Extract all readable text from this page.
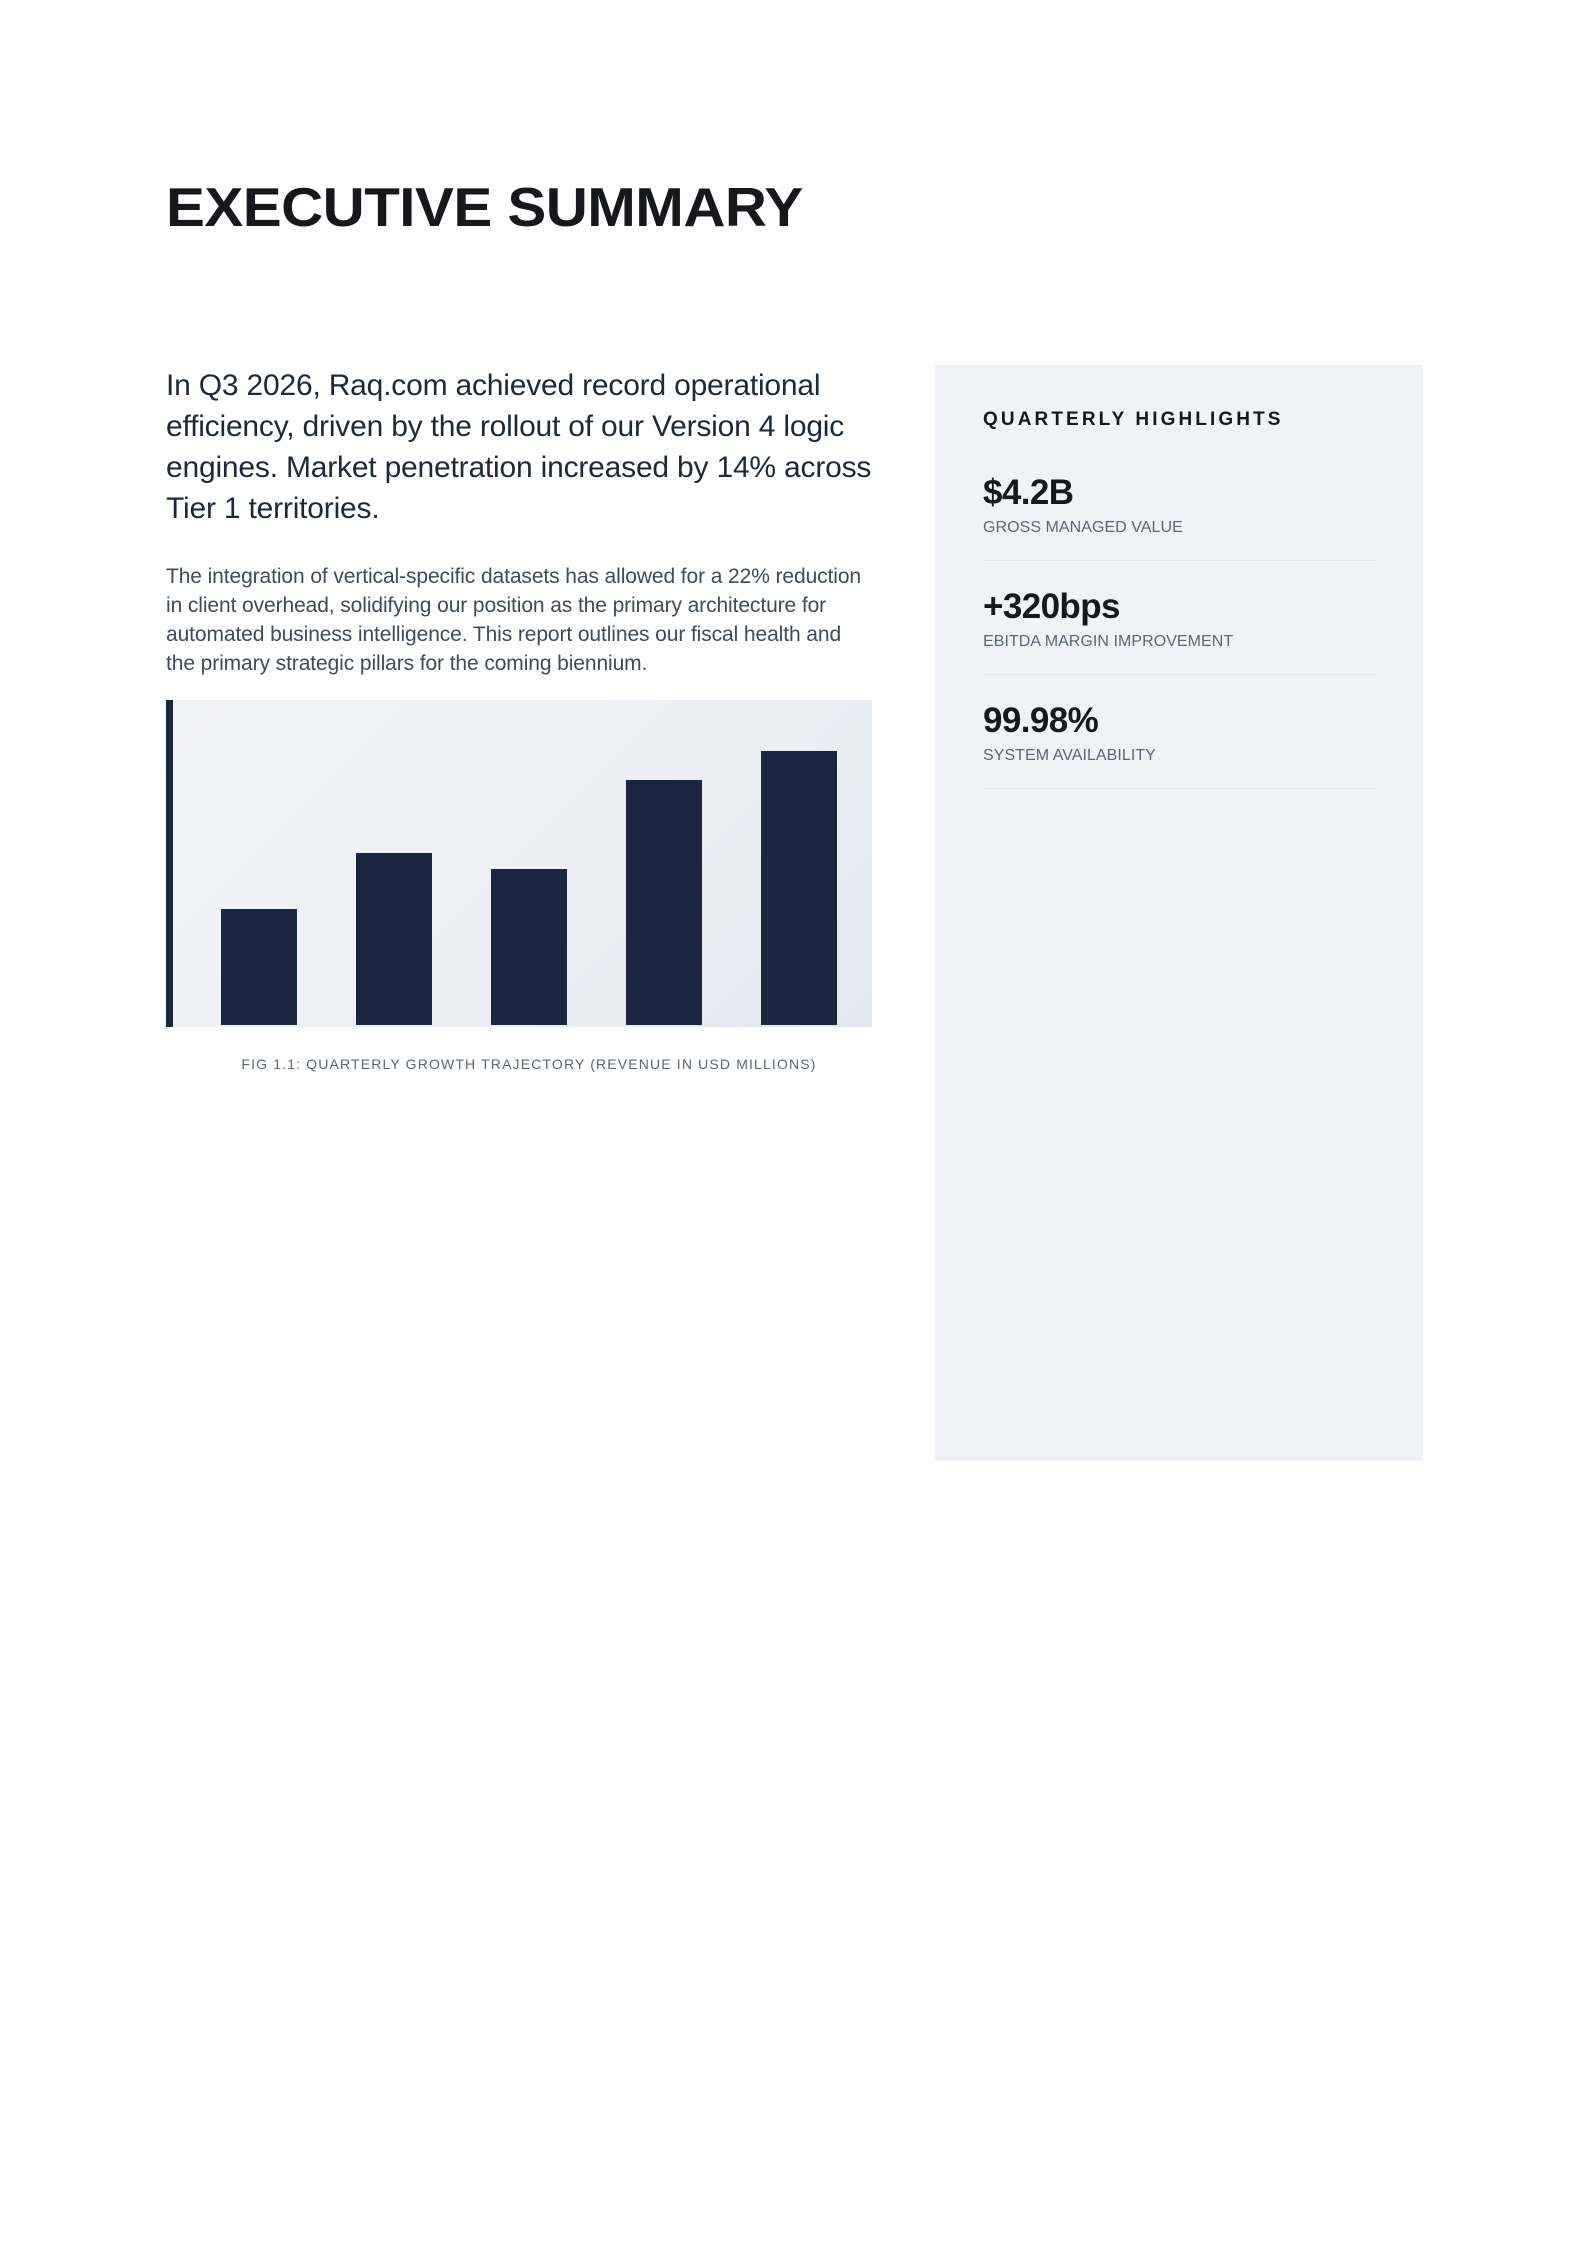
EXECUTIVE SUMMARY

In Q3 2026, Raq.com achieved record operational efficiency, driven by the rollout of our Version 4 logic engines. Market penetration increased by 14% across Tier 1 territories.

The integration of vertical-specific datasets has allowed for a 22% reduction in client overhead, solidifying our position as the primary architecture for automated business intelligence. This report outlines our fiscal health and the primary strategic pillars for the coming biennium.

FIG 1.1: QUARTERLY GROWTH TRAJECTORY (REVENUE IN USD MILLIONS)
QUARTERLY HIGHLIGHTS

$4.2B

GROSS MANAGED VALUE

+320bps

EBITDA MARGIN IMPROVEMENT

99.98%

SYSTEM AVAILABILITY
